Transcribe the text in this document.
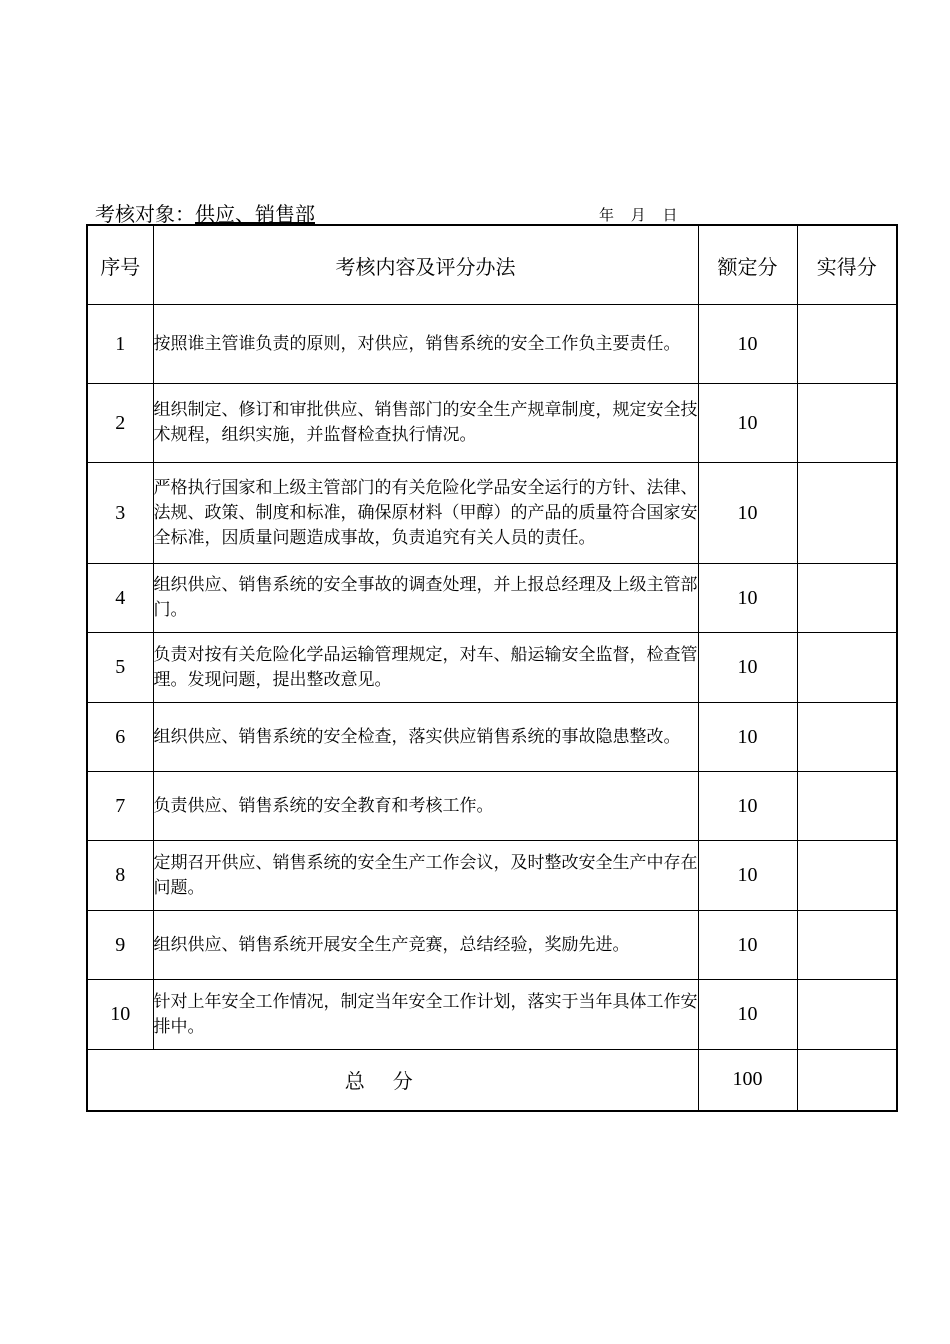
考核对象：供应、销售部	年 月 日
序号	考核内容及评分办法	额定分	实得分
1	按照谁主管谁负责的原则，对供应，销售系统的安全工作负主要责任。	10	
2	组织制定、修订和审批供应、销售部门的安全生产规章制度，规定安全技术规程，组织实施，并监督检查执行情况。	10	
3	严格执行国家和上级主管部门的有关危险化学品安全运行的方针、法律、法规、政策、制度和标准，确保原材料（甲醇）的产品的质量符合国家安全标准，因质量问题造成事故，负责追究有关人员的责任。	10	
4	组织供应、销售系统的安全事故的调查处理，并上报总经理及上级主管部门。	10	
5	负责对按有关危险化学品运输管理规定，对车、船运输安全监督，检查管理。发现问题，提出整改意见。	10	
6	组织供应、销售系统的安全检查，落实供应销售系统的事故隐患整改。	10	
7	负责供应、销售系统的安全教育和考核工作。	10	
8	定期召开供应、销售系统的安全生产工作会议，及时整改安全生产中存在问题。	10	
9	组织供应、销售系统开展安全生产竞赛，总结经验，奖励先进。	10	
10	针对上年安全工作情况，制定当年安全工作计划，落实于当年具体工作安排中。	10	
总分		100	
